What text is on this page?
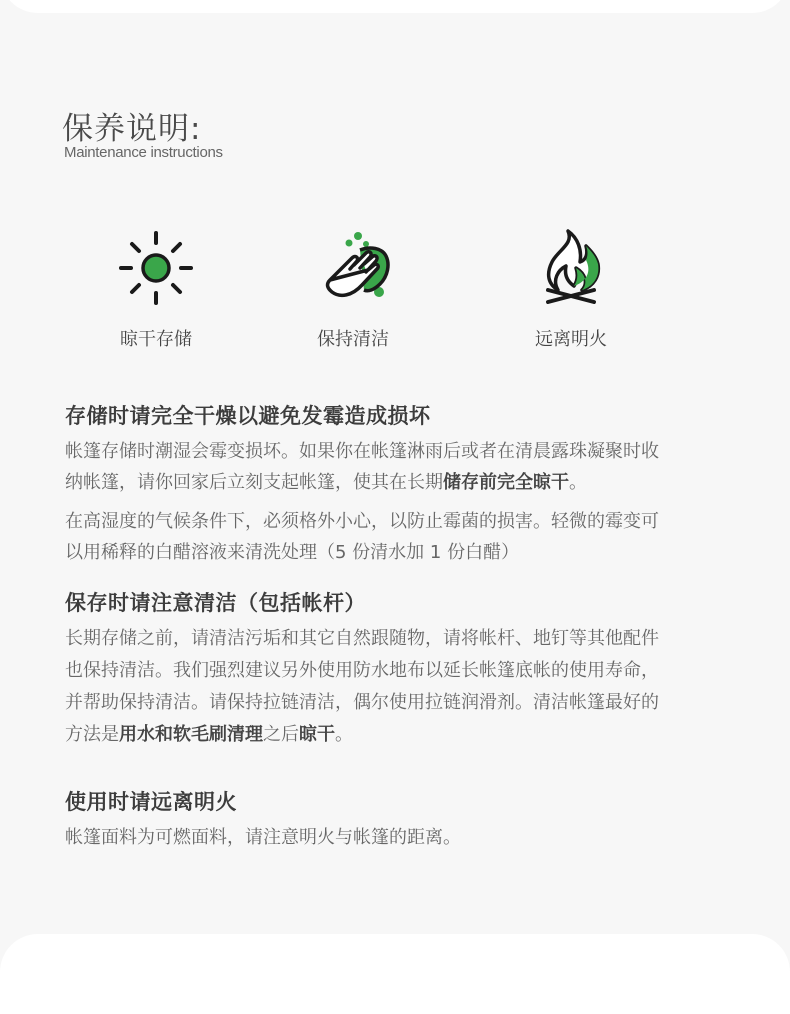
保养说明:
Maintenance instructions
晾干存储	保持清洁	远离明火
存储时请完全干燥以避免发霉造成损坏

帐篷存储时潮湿会霉变损坏。如果你在帐篷淋雨后或者在清晨露珠凝聚时收

纳帐篷，请你回家后立刻支起帐篷，使其在长期储存前完全晾干。

在高湿度的气候条件下，必须格外小心，以防止霉菌的损害。轻微的霉变可

以用稀释的白醋溶液来清洗处理（5 份清水加 1 份白醋）

保存时请注意清洁（包括帐杆）

长期存储之前，请清洁污垢和其它自然跟随物，请将帐杆、地钉等其他配件

也保持清洁。我们强烈建议另外使用防水地布以延长帐篷底帐的使用寿命，

并帮助保持清洁。请保持拉链清洁，偶尔使用拉链润滑剂。清洁帐篷最好的

方法是用水和软毛刷清理之后晾干。

使用时请远离明火

帐篷面料为可燃面料，请注意明火与帐篷的距离。
